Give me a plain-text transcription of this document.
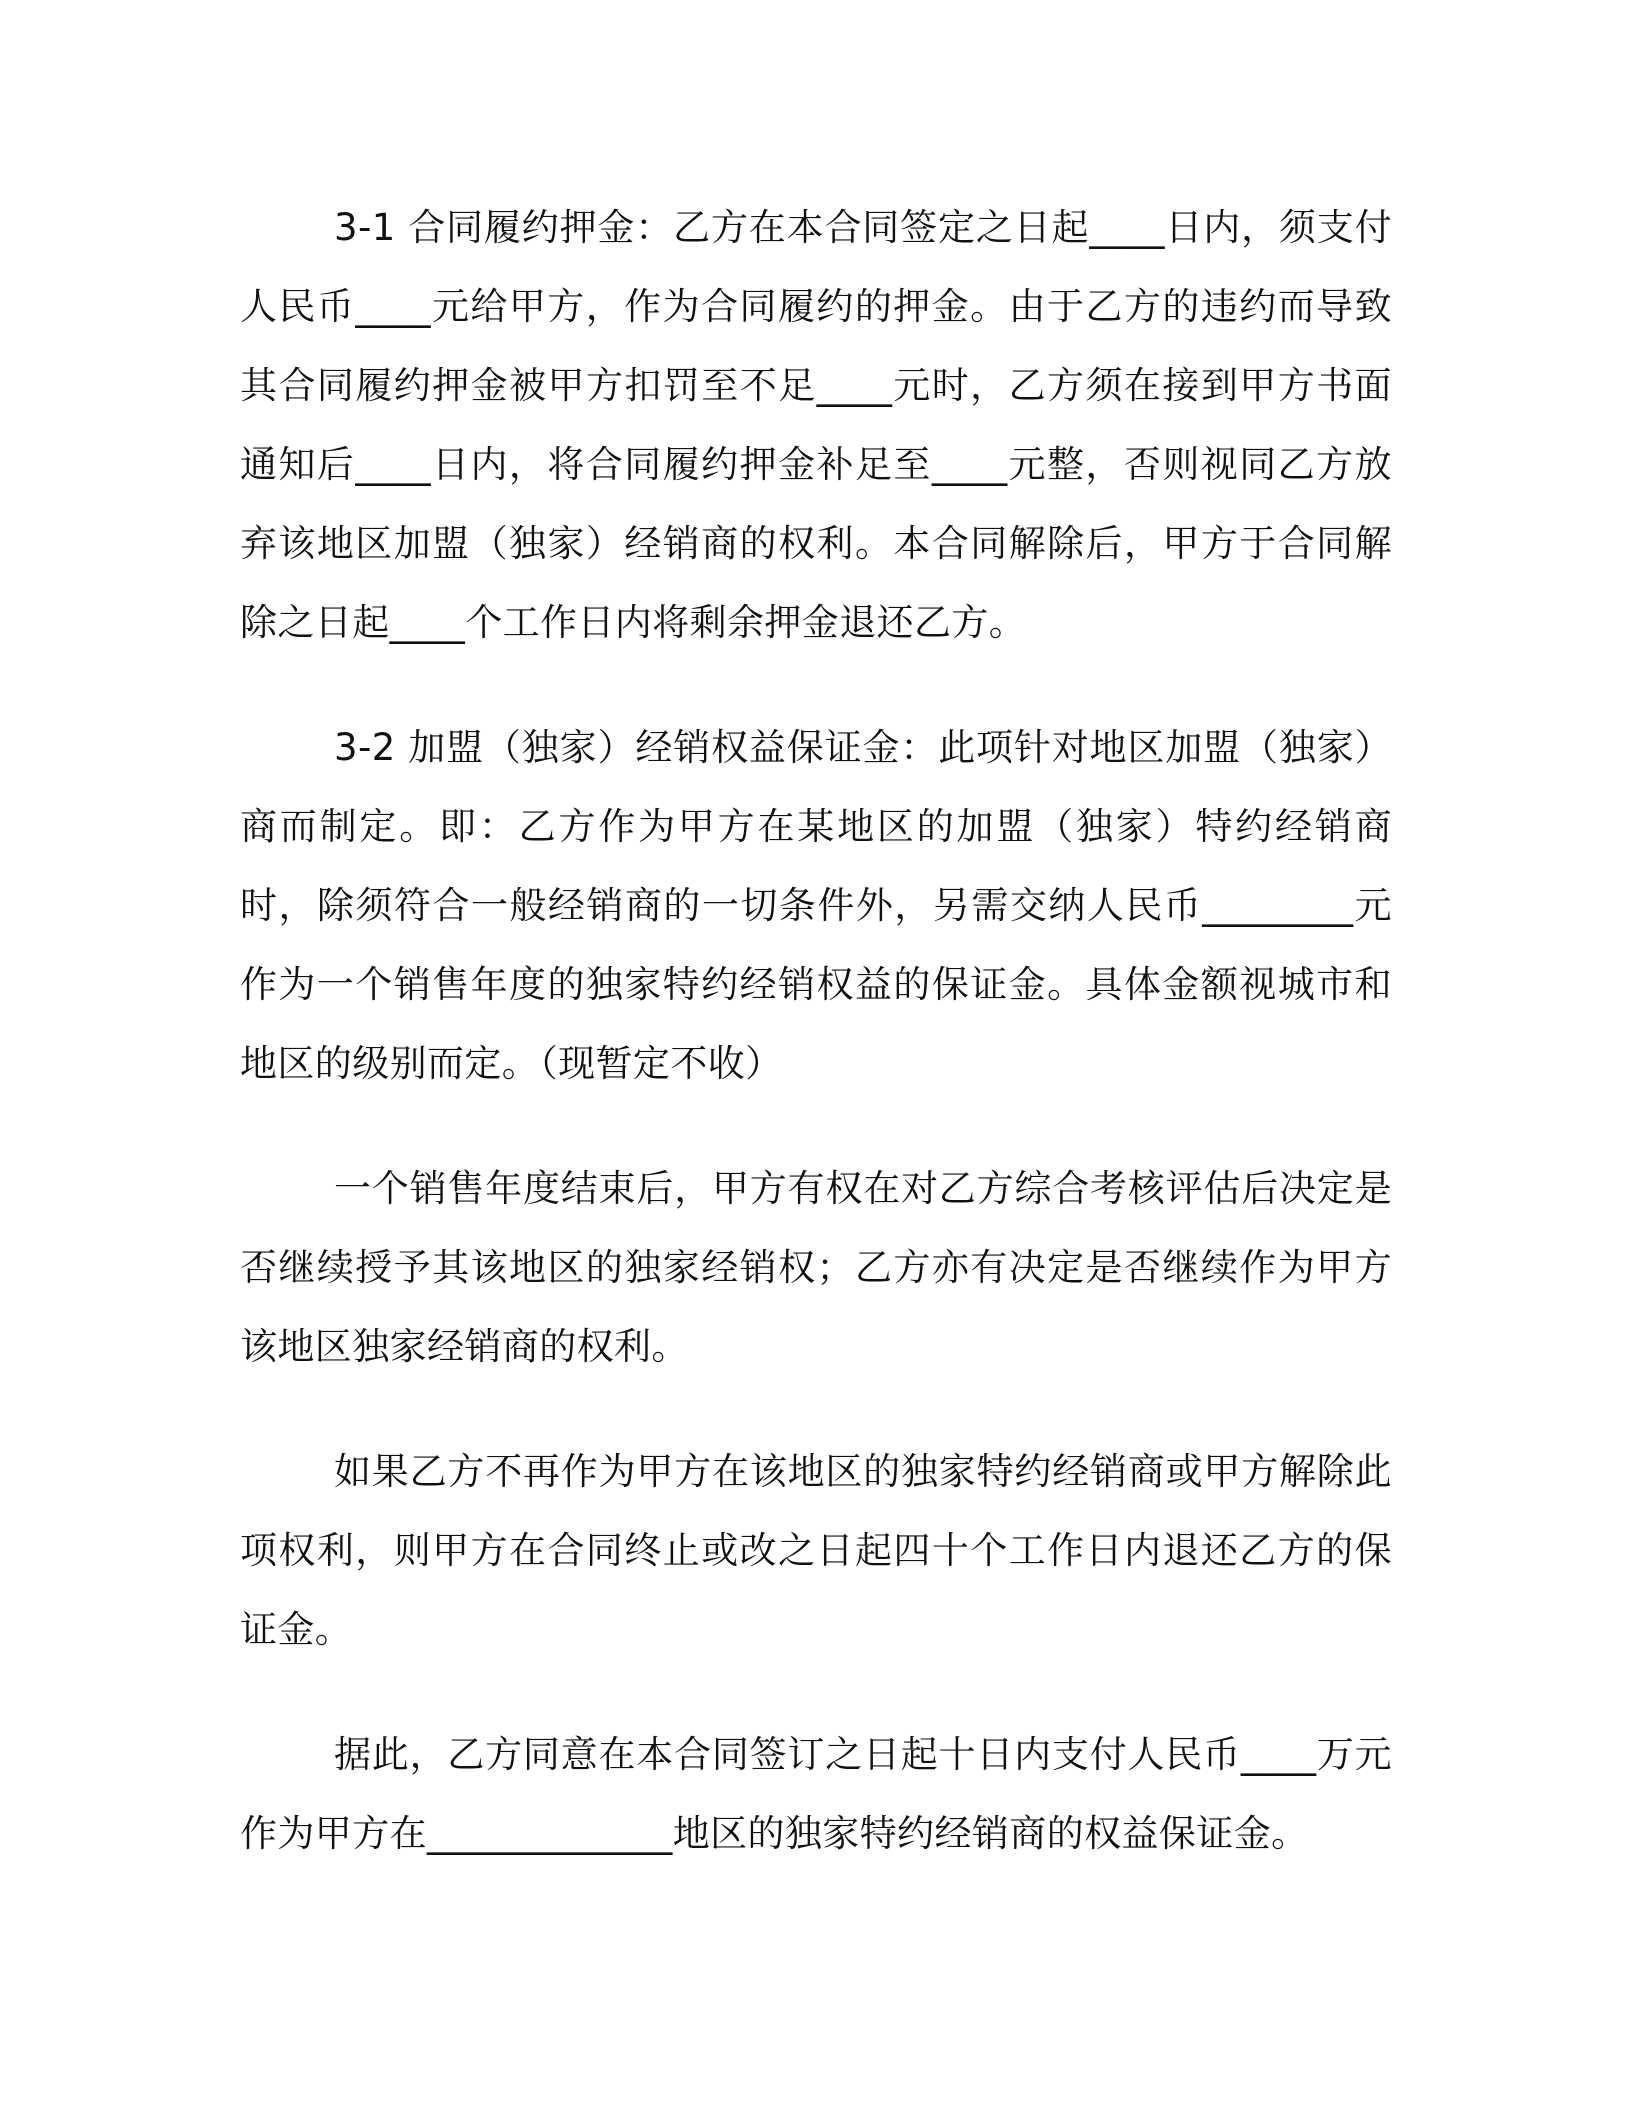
3-1 合同履约押金：乙方在本合同签定之日起____日内，须支付人民币____元给甲方，作为合同履约的押金。由于乙方的违约而导致其合同履约押金被甲方扣罚至不足____元时，乙方须在接到甲方书面通知后____日内，将合同履约押金补足至____元整，否则视同乙方放弃该地区加盟（独家）经销商的权利。本合同解除后，甲方于合同解除之日起____个工作日内将剩余押金退还乙方。

3-2 加盟（独家）经销权益保证金：此项针对地区加盟（独家）商而制定。即：乙方作为甲方在某地区的加盟（独家）特约经销商时，除须符合一般经销商的一切条件外，另需交纳人民币________元作为一个销售年度的独家特约经销权益的保证金。具体金额视城市和地区的级别而定。（现暂定不收）

一个销售年度结束后，甲方有权在对乙方综合考核评估后决定是否继续授予其该地区的独家经销权；乙方亦有决定是否继续作为甲方该地区独家经销商的权利。

如果乙方不再作为甲方在该地区的独家特约经销商或甲方解除此项权利，则甲方在合同终止或改之日起四十个工作日内退还乙方的保证金。

据此，乙方同意在本合同签订之日起十日内支付人民币____万元作为甲方在_____________地区的独家特约经销商的权益保证金。
